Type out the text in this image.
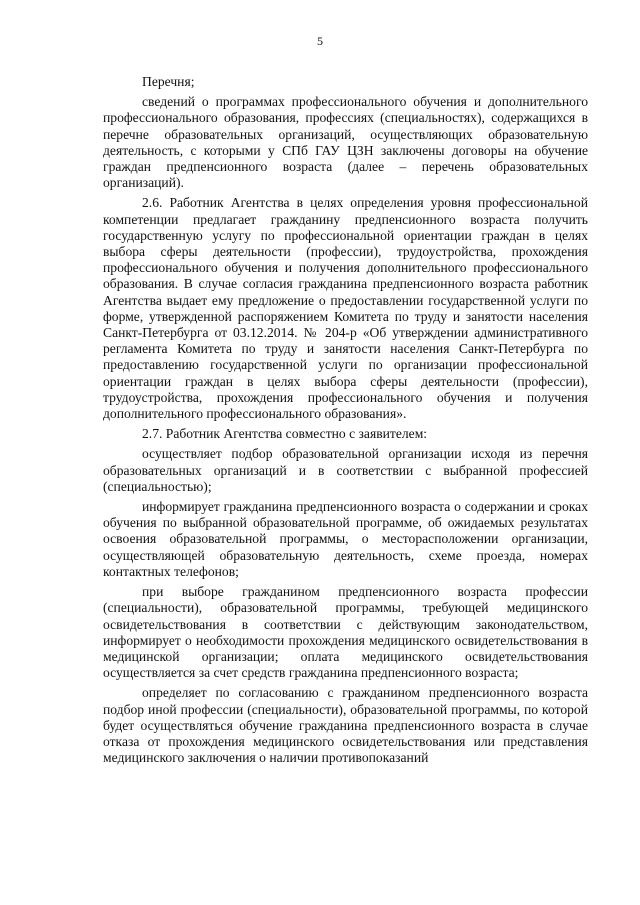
5

Перечня;

сведений о программах профессионального обучения и дополнительного профессионального образования, профессиях (специальностях), содержащихся в перечне образовательных организаций, осуществляющих образовательную деятельность, с которыми у СПб ГАУ ЦЗН заключены договоры на обучение граждан предпенсионного возраста (далее – перечень образовательных организаций).

2.6. Работник Агентства в целях определения уровня профессиональной компетенции предлагает гражданину предпенсионного возраста получить государственную услугу по профессиональной ориентации граждан в целях выбора сферы деятельности (профессии), трудоустройства, прохождения профессионального обучения и получения дополнительного профессионального образования. В случае согласия гражданина предпенсионного возраста работник Агентства выдает ему предложение о предоставлении государственной услуги по форме, утвержденной распоряжением Комитета по труду и занятости населения Санкт-Петербурга от 03.12.2014. № 204-р «Об утверждении административного регламента Комитета по труду и занятости населения Санкт-Петербурга по предоставлению государственной услуги по организации профессиональной ориентации граждан в целях выбора сферы деятельности (профессии), трудоустройства, прохождения профессионального обучения и получения дополнительного профессионального образования».

2.7. Работник Агентства совместно с заявителем:

осуществляет подбор образовательной организации исходя из перечня образовательных организаций и в соответствии с выбранной профессией (специальностью);

информирует гражданина предпенсионного возраста о содержании и сроках обучения по выбранной образовательной программе, об ожидаемых результатах освоения образовательной программы, о месторасположении организации, осуществляющей образовательную деятельность, схеме проезда, номерах контактных телефонов;

при выборе гражданином предпенсионного возраста профессии (специальности), образовательной программы, требующей медицинского освидетельствования в соответствии с действующим законодательством, информирует о необходимости прохождения медицинского освидетельствования в медицинской организации; оплата медицинского освидетельствования осуществляется за счет средств гражданина предпенсионного возраста;

определяет по согласованию с гражданином предпенсионного возраста подбор иной профессии (специальности), образовательной программы, по которой будет осуществляться обучение гражданина предпенсионного возраста в случае отказа от прохождения медицинского освидетельствования или представления медицинского заключения о наличии противопоказаний
